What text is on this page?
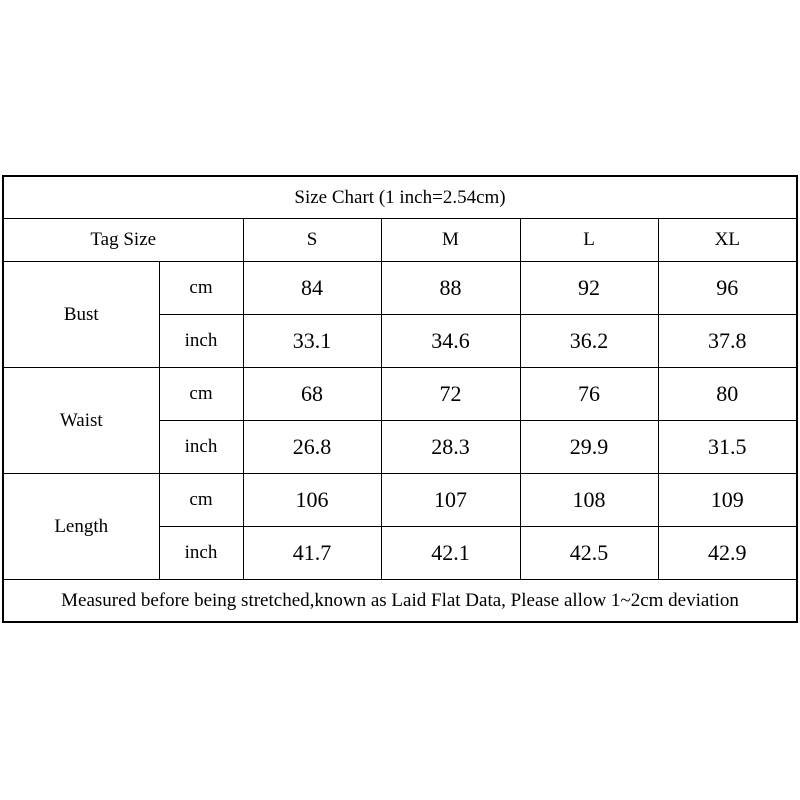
Size Chart (1 inch=2.54cm)					
Tag Size		S	M	L	XL
Bust	cm	84	88	92	96
	inch	33.1	34.6	36.2	37.8
Waist	cm	68	72	76	80
	inch	26.8	28.3	29.9	31.5
Length	cm	106	107	108	109
	inch	41.7	42.1	42.5	42.9
Measured before being stretched,known as Laid Flat Data, Please allow 1~2cm deviation					
